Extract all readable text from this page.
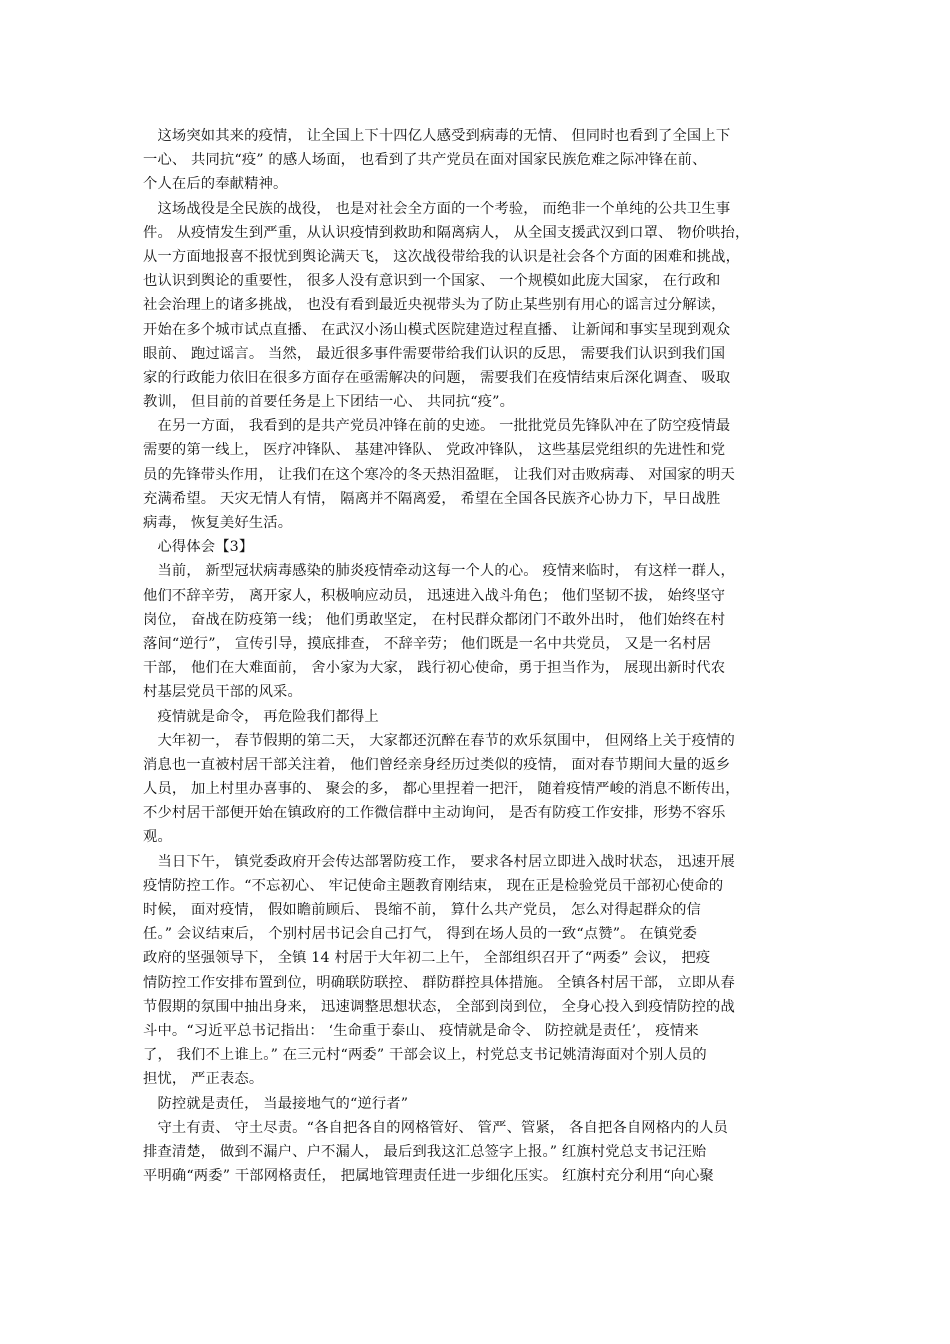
　这场突如其来的疫情， 让全国上下十四亿人感受到病毒的无情、 但同时也看到了全国上下
一心、 共同抗“疫” 的感人场面， 也看到了共产党员在面对国家民族危难之际冲锋在前、
个人在后的奉献精神。
　这场战役是全民族的战役， 也是对社会全方面的一个考验， 而绝非一个单纯的公共卫生事
件。 从疫情发生到严重，从认识疫情到救助和隔离病人， 从全国支援武汉到口罩、 物价哄抬，
从一方面地报喜不报忧到舆论满天飞， 这次战役带给我的认识是社会各个方面的困难和挑战，
也认识到舆论的重要性， 很多人没有意识到一个国家、 一个规模如此庞大国家， 在行政和
社会治理上的诸多挑战， 也没有看到最近央视带头为了防止某些别有用心的谣言过分解读，
开始在多个城市试点直播、 在武汉小汤山模式医院建造过程直播、 让新闻和事实呈现到观众
眼前、 跑过谣言。 当然， 最近很多事件需要带给我们认识的反思， 需要我们认识到我们国
家的行政能力依旧在很多方面存在亟需解决的问题， 需要我们在疫情结束后深化调查、 吸取
教训， 但目前的首要任务是上下团结一心、 共同抗“疫”。
　在另一方面， 我看到的是共产党员冲锋在前的史迹。 一批批党员先锋队冲在了防空疫情最
需要的第一线上， 医疗冲锋队、 基建冲锋队、 党政冲锋队， 这些基层党组织的先进性和党
员的先锋带头作用， 让我们在这个寒冷的冬天热泪盈眶， 让我们对击败病毒、 对国家的明天
充满希望。 天灾无情人有情， 隔离并不隔离爱， 希望在全国各民族齐心协力下，早日战胜
病毒， 恢复美好生活。
　心得体会【3】
　当前， 新型冠状病毒感染的肺炎疫情牵动这每一个人的心。 疫情来临时， 有这样一群人，
他们不辞辛劳， 离开家人，积极响应动员， 迅速进入战斗角色； 他们坚韧不拔， 始终坚守
岗位， 奋战在防疫第一线； 他们勇敢坚定， 在村民群众都闭门不敢外出时， 他们始终在村
落间“逆行”， 宣传引导，摸底排查， 不辞辛劳； 他们既是一名中共党员， 又是一名村居
干部， 他们在大难面前， 舍小家为大家， 践行初心使命，勇于担当作为， 展现出新时代农
村基层党员干部的风采。
　疫情就是命令， 再危险我们都得上
　大年初一， 春节假期的第二天， 大家都还沉醉在春节的欢乐氛围中， 但网络上关于疫情的
消息也一直被村居干部关注着， 他们曾经亲身经历过类似的疫情， 面对春节期间大量的返乡
人员， 加上村里办喜事的、 聚会的多， 都心里捏着一把汗， 随着疫情严峻的消息不断传出，
不少村居干部便开始在镇政府的工作微信群中主动询问， 是否有防疫工作安排，形势不容乐
观。
　当日下午， 镇党委政府开会传达部署防疫工作， 要求各村居立即进入战时状态， 迅速开展
疫情防控工作。“不忘初心、 牢记使命主题教育刚结束， 现在正是检验党员干部初心使命的
时候， 面对疫情， 假如瞻前顾后、 畏缩不前， 算什么共产党员， 怎么对得起群众的信
任。” 会议结束后， 个别村居书记会自己打气， 得到在场人员的一致“点赞”。 在镇党委
政府的坚强领导下， 全镇 14 村居于大年初二上午， 全部组织召开了“两委” 会议， 把疫
情防控工作安排布置到位，明确联防联控、 群防群控具体措施。 全镇各村居干部， 立即从春
节假期的氛围中抽出身来， 迅速调整思想状态， 全部到岗到位， 全身心投入到疫情防控的战
斗中。“习近平总书记指出： ‘生命重于泰山、 疫情就是命令、 防控就是责任’， 疫情来
了， 我们不上谁上。” 在三元村“两委” 干部会议上，村党总支书记姚清海面对个别人员的
担忧， 严正表态。
　防控就是责任， 当最接地气的“逆行者”
　守土有责、 守土尽责。“各自把各自的网格管好、 管严、管紧， 各自把各自网格内的人员
排查清楚， 做到不漏户、户不漏人， 最后到我这汇总签字上报。” 红旗村党总支书记汪贻
平明确“两委” 干部网格责任， 把属地管理责任进一步细化压实。 红旗村充分利用“向心聚
